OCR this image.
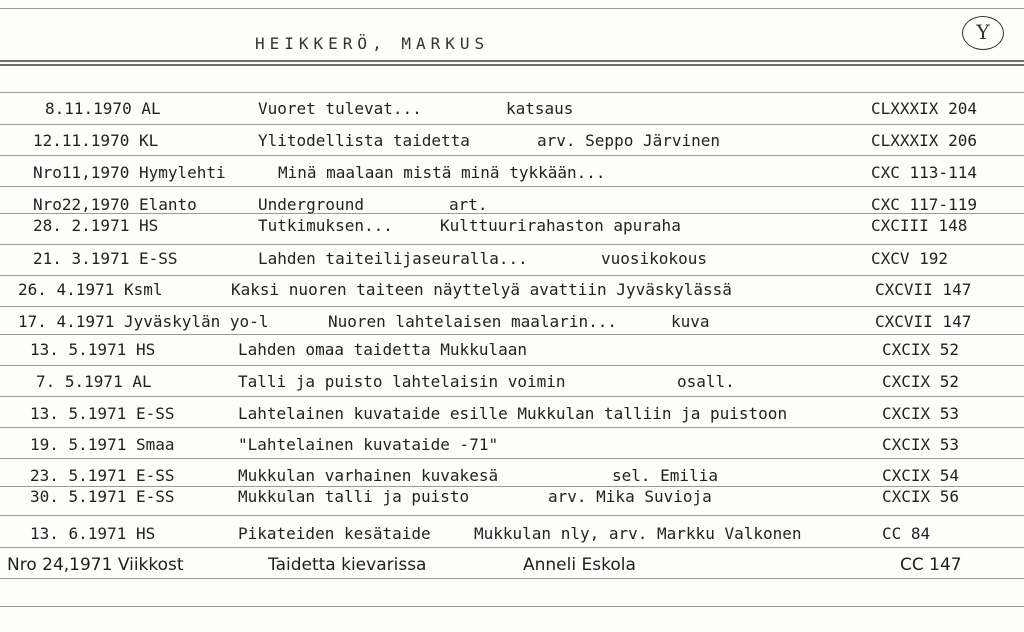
HEIKKERÖ, MARKUS	Y
8.11.1970 AL	Vuoret tulevat...	katsaus	CLXXXIX 204
12.11.1970 KL	Ylitodellista taidetta	arv. Seppo Järvinen	CLXXXIX 206
Nro11,1970 Hymylehti	Minä maalaan mistä minä tykkään...	CXC 113-114
Nro22,1970 Elanto	Underground	art.	CXC 117-119
28. 2.1971 HS	Tutkimuksen...	Kulttuurirahaston apuraha	CXCIII 148
21. 3.1971 E-SS	Lahden taiteilijaseuralla...	vuosikokous	CXCV 192
26. 4.1971 Ksml	Kaksi nuoren taiteen näyttelyä avattiin Jyväskylässä	CXCVII 147
17. 4.1971 Jyväskylän yo-l	Nuoren lahtelaisen maalarin...	kuva	CXCVII 147
13. 5.1971 HS	Lahden omaa taidetta Mukkulaan	CXCIX 52
7. 5.1971 AL	Talli ja puisto lahtelaisin voimin	osall.	CXCIX 52
13. 5.1971 E-SS	Lahtelainen kuvataide esille Mukkulan talliin ja puistoon	CXCIX 53
19. 5.1971 Smaa	"Lahtelainen kuvataide -71"	CXCIX 53
23. 5.1971 E-SS	Mukkulan varhainen kuvakesä	sel. Emilia	CXCIX 54
30. 5.1971 E-SS	Mukkulan talli ja puisto	arv. Mika Suvioja	CXCIX 56
13. 6.1971 HS	Pikateiden kesätaide	Mukkulan nly, arv. Markku Valkonen	CC 84
Nro 24,1971 Viikkost	Taidetta kievarissa	Anneli Eskola	CC 147
